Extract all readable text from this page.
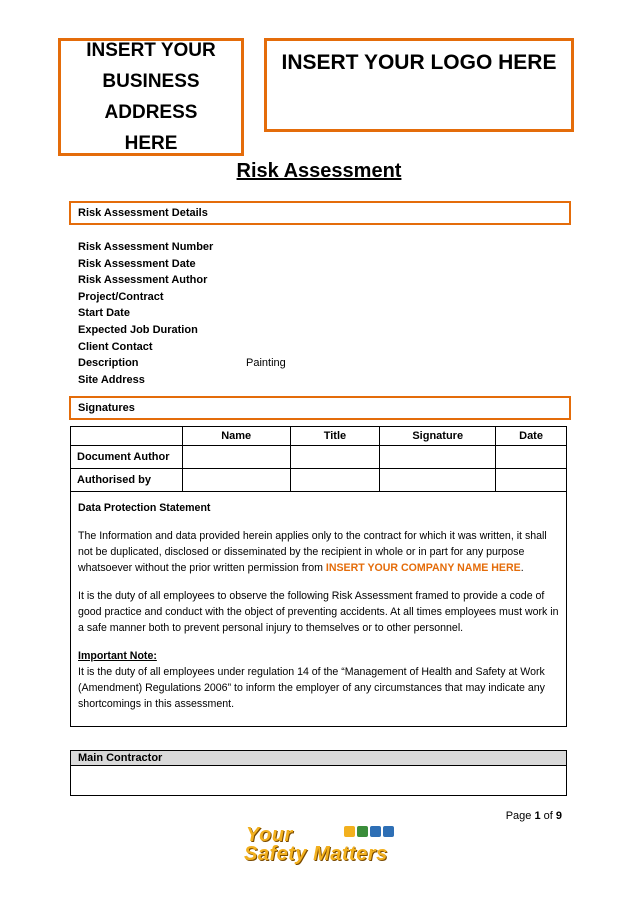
INSERT YOUR BUSINESS ADDRESS HERE
INSERT YOUR LOGO HERE
Risk Assessment
Risk Assessment Details
Risk Assessment Number
Risk Assessment Date
Risk Assessment Author
Project/Contract
Start Date
Expected Job Duration
Client Contact
Description	Painting
Site Address
Signatures
	Name	Title	Signature	Date
Document Author				
Authorised by				

Data Protection Statement

The Information and data provided herein applies only to the contract for which it was written, it shall not be duplicated, disclosed or disseminated by the recipient in whole or in part for any purpose whatsoever without the prior written permission from INSERT YOUR COMPANY NAME HERE.

It is the duty of all employees to observe the following Risk Assessment framed to provide a code of good practice and conduct with the object of preventing accidents. At all times employees must work in a safe manner both to prevent personal injury to themselves or to other personnel.

Important Note:
It is the duty of all employees under regulation 14 of the “Management of Health and Safety at Work (Amendment) Regulations 2006” to inform the employer of any circumstances that may indicate any shortcomings in this assessment.
Main Contractor
Page 1 of 9
Your
Safety Matters
